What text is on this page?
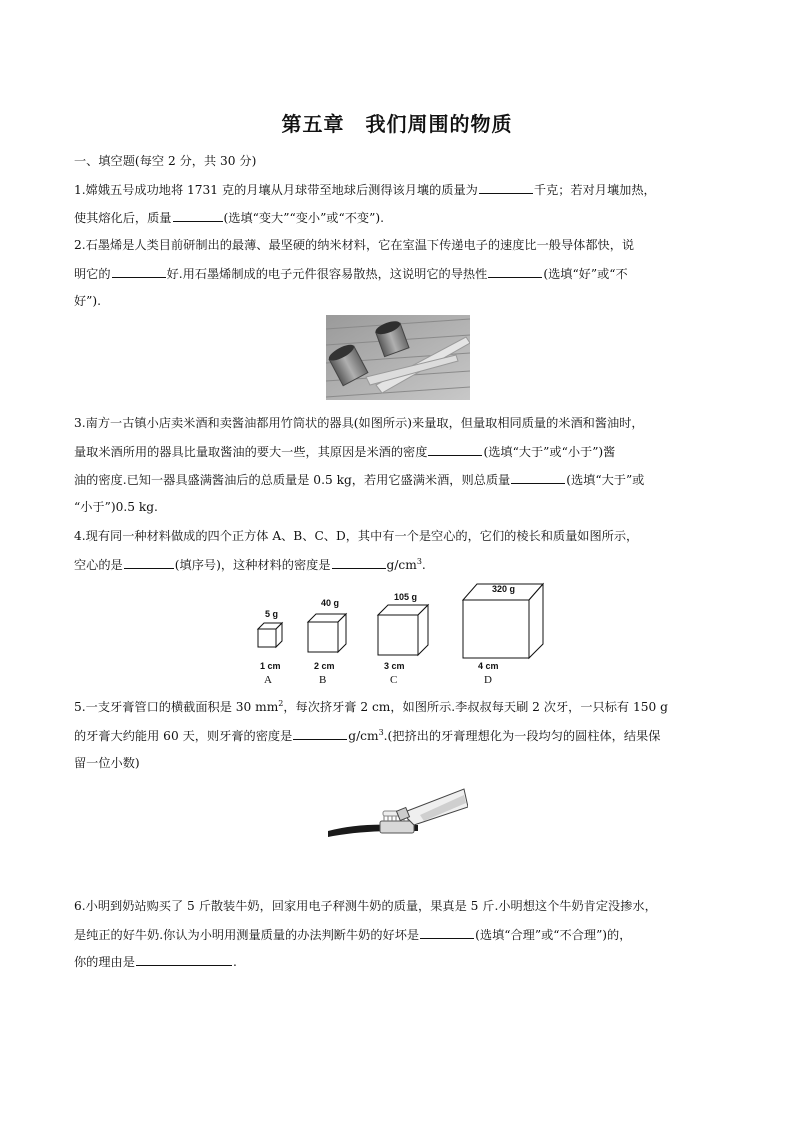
第五章　我们周围的物质
一、填空题(每空 2 分，共 30 分)
1.嫦娥五号成功地将 1731 克的月壤从月球带至地球后测得该月壤的质量为	千克；若对月壤加热，
使其熔化后，质量	(选填“变大”“变小”或“不变”).
2.石墨烯是人类目前研制出的最薄、最坚硬的纳米材料，它在室温下传递电子的速度比一般导体都快，说
明它的	好.用石墨烯制成的电子元件很容易散热，这说明它的导热性	(选填“好”或“不
好”).
3.南方一古镇小店卖米酒和卖酱油都用竹筒状的器具(如图所示)来量取，但量取相同质量的米酒和酱油时，
量取米酒所用的器具比量取酱油的要大一些，其原因是米酒的密度	(选填“大于”或“小于”)酱
油的密度.已知一器具盛满酱油后的总质量是 0.5 kg，若用它盛满米酒，则总质量	(选填“大于”或
“小于”)0.5 kg.
4.现有同一种材料做成的四个正方体 A、B、C、D，其中有一个是空心的，它们的棱长和质量如图所示，
空心的是	(填序号)，这种材料的密度是	$g/cm^3$.
5 g
40 g
105 g
320 g
1 cm	2 cm	3 cm	4 cm
A	B	C	D
5.一支牙膏管口的横截面积是 30 $mm^2$，每次挤牙膏 2 cm，如图所示.李叔叔每天刷 2 次牙，一只标有 150 g
的牙膏大约能用 60 天，则牙膏的密度是	$g/cm^3$.(把挤出的牙膏理想化为一段均匀的圆柱体，结果保
留一位小数)
6.小明到奶站购买了 5 斤散装牛奶，回家用电子秤测牛奶的质量，果真是 5 斤.小明想这个牛奶肯定没掺水，
是纯正的好牛奶.你认为小明用测量质量的办法判断牛奶的好坏是	(选填“合理”或“不合理”)的，
你的理由是	.
